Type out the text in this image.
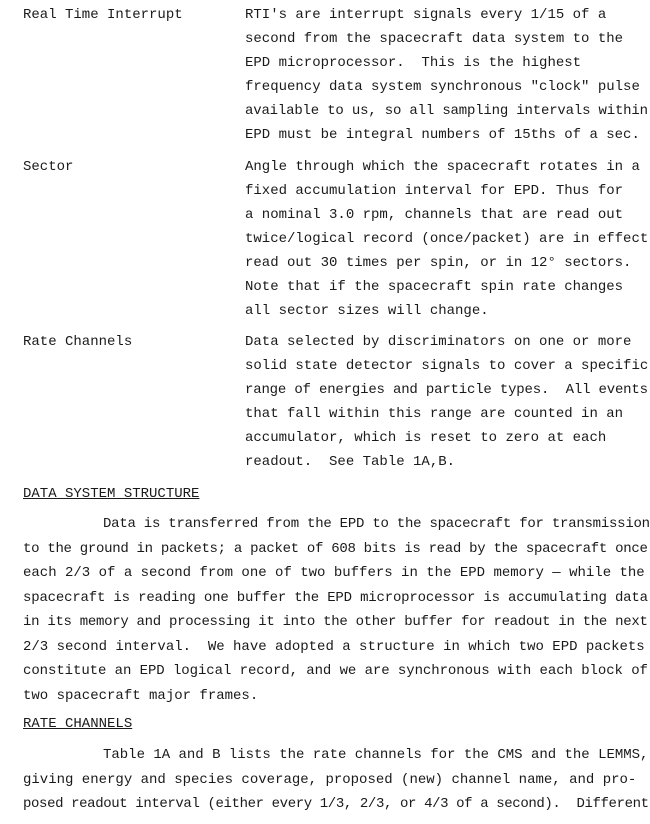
Real Time Interrupt	RTI's are interrupt signals every 1/15 of a
second from the spacecraft data system to the
EPD microprocessor.  This is the highest
frequency data system synchronous "clock" pulse
available to us, so all sampling intervals within
EPD must be integral numbers of 15ths of a sec.
Sector	Angle through which the spacecraft rotates in a
fixed accumulation interval for EPD. Thus for
a nominal 3.0 rpm, channels that are read out
twice/logical record (once/packet) are in effect
read out 30 times per spin, or in 12° sectors.
Note that if the spacecraft spin rate changes
all sector sizes will change.
Rate Channels	Data selected by discriminators on one or more
solid state detector signals to cover a specific
range of energies and particle types.  All events
that fall within this range are counted in an
accumulator, which is reset to zero at each
readout.  See Table 1A,B.
DATA SYSTEM STRUCTURE
Data is transferred from the EPD to the spacecraft for transmission
to the ground in packets; a packet of 608 bits is read by the spacecraft once
each 2/3 of a second from one of two buffers in the EPD memory — while the
spacecraft is reading one buffer the EPD microprocessor is accumulating data
in its memory and processing it into the other buffer for readout in the next
2/3 second interval.  We have adopted a structure in which two EPD packets
constitute an EPD logical record, and we are synchronous with each block of
two spacecraft major frames.
RATE CHANNELS
Table 1A and B lists the rate channels for the CMS and the LEMMS,
giving energy and species coverage, proposed (new) channel name, and pro-
posed readout interval (either every 1/3, 2/3, or 4/3 of a second).  Different
